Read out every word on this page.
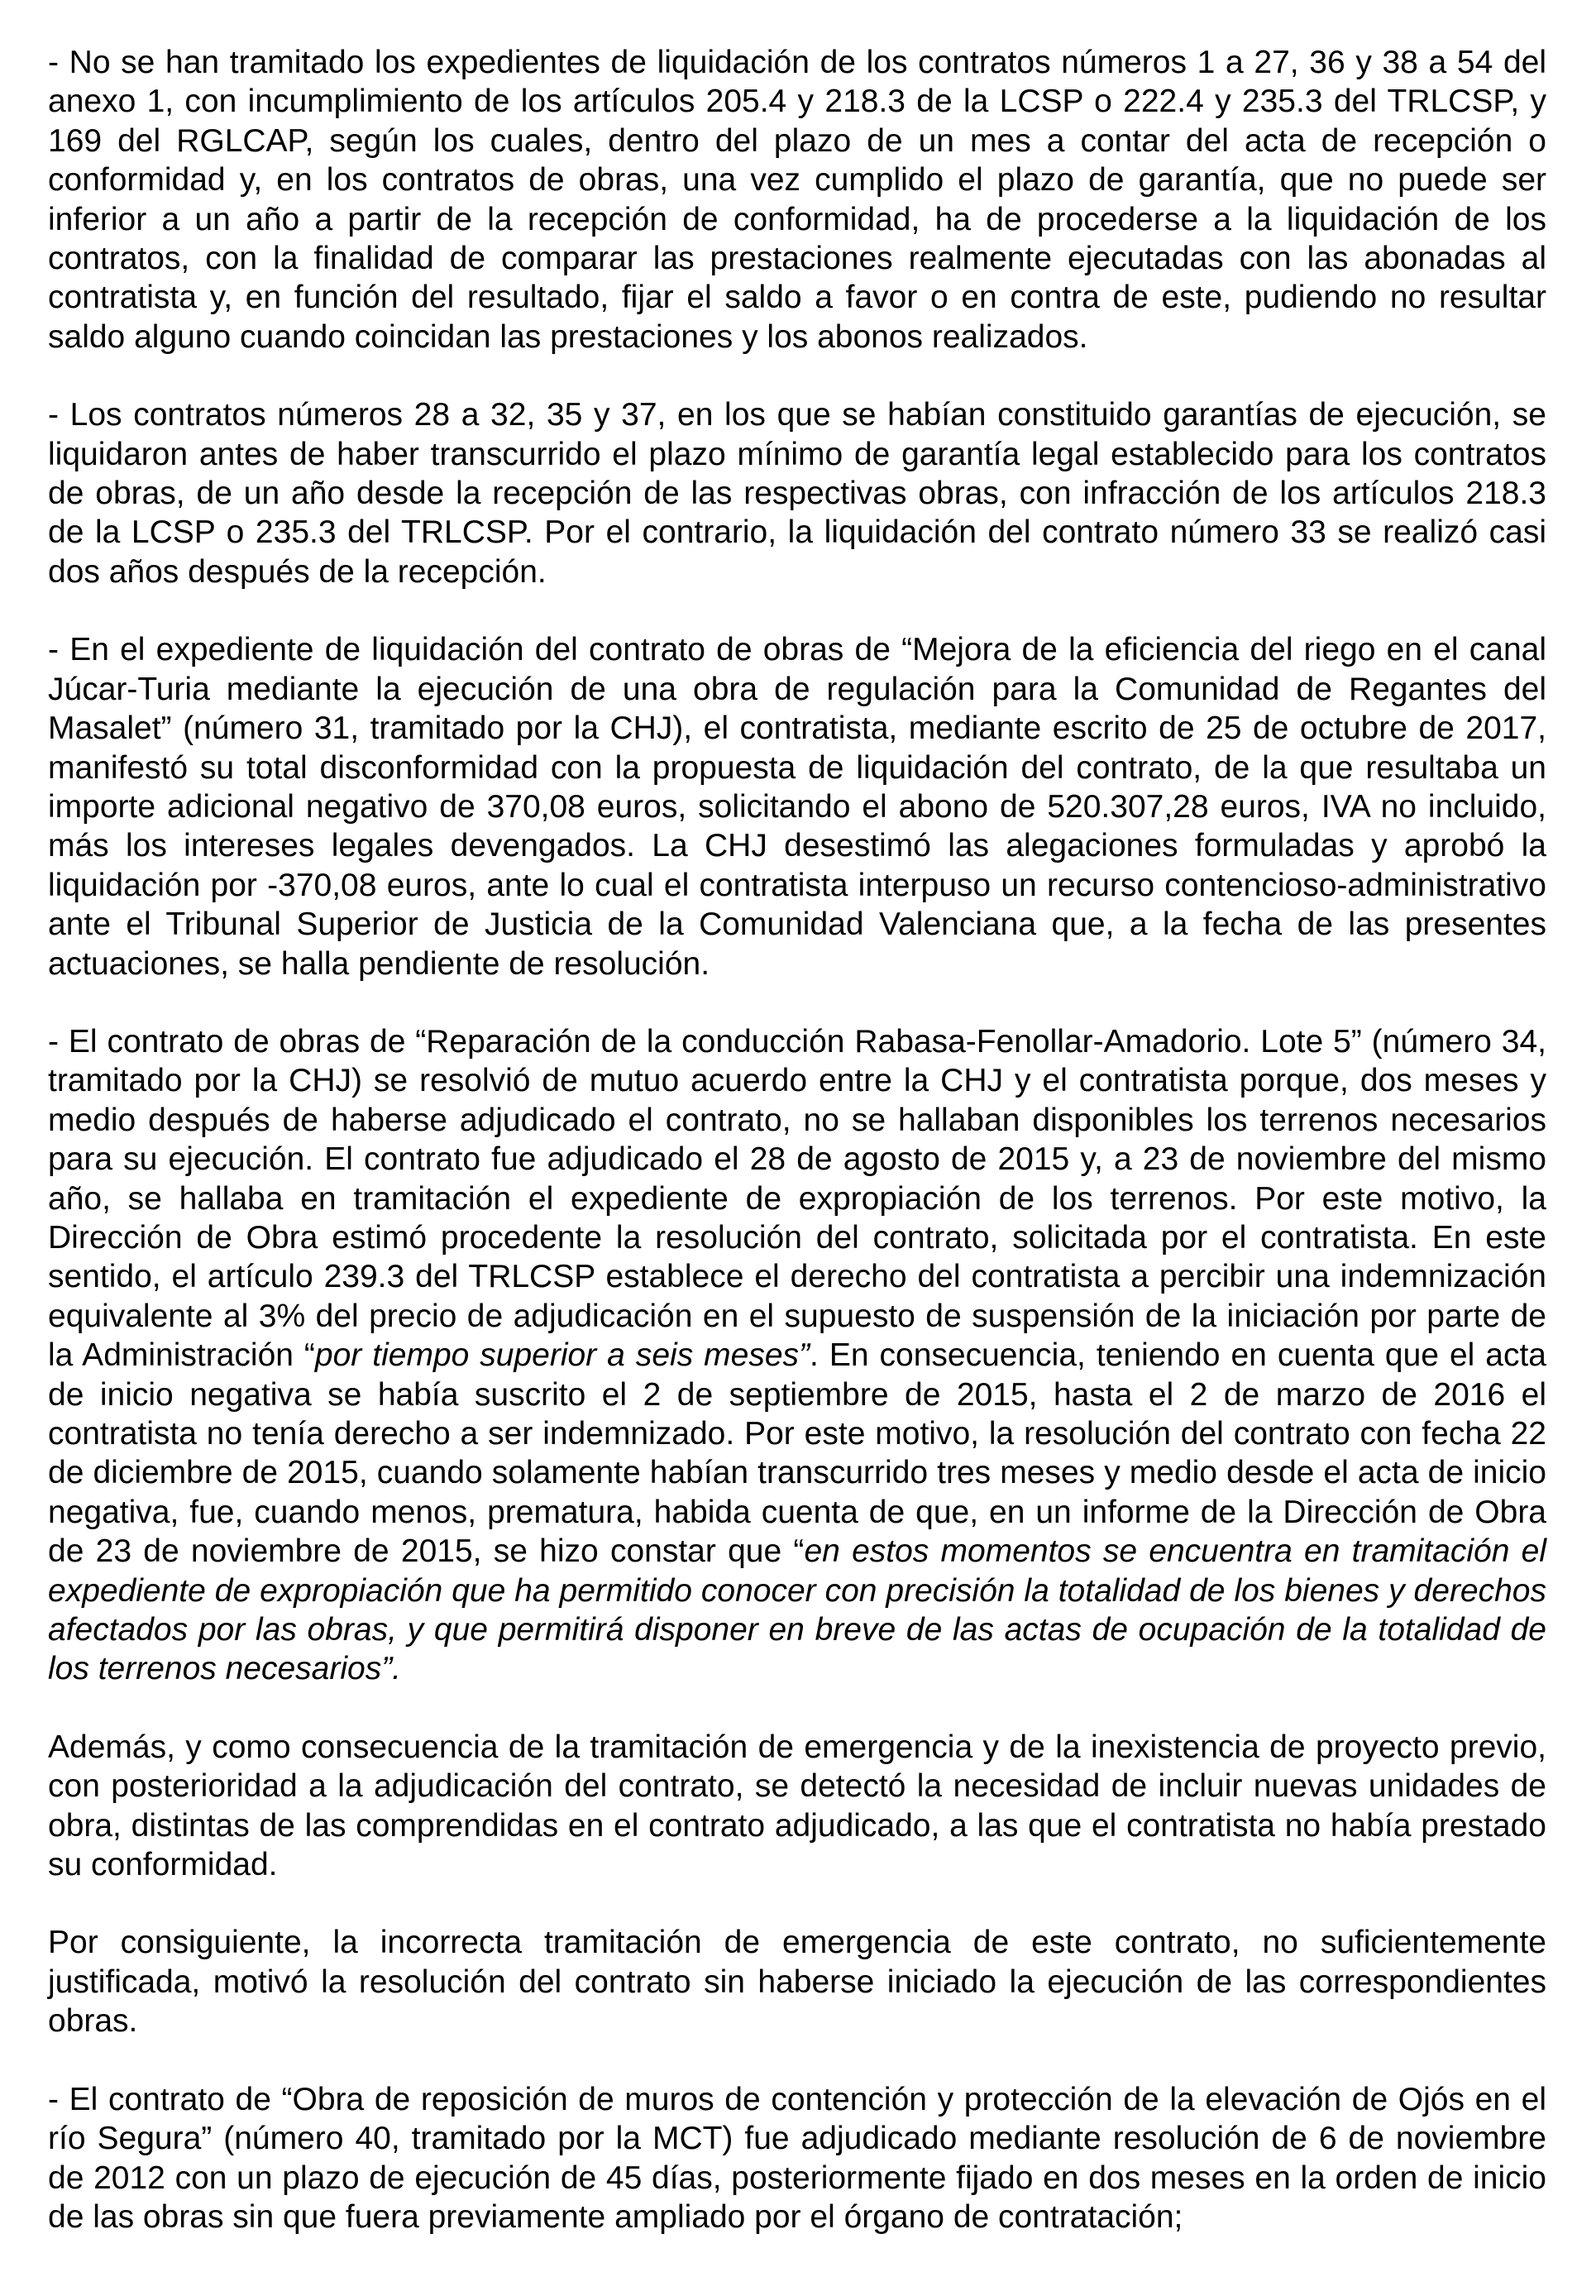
- No se han tramitado los expedientes de liquidación de los contratos números 1 a 27, 36 y 38 a 54 del anexo 1, con incumplimiento de los artículos 205.4 y 218.3 de la LCSP o 222.4 y 235.3 del TRLCSP, y 169 del RGLCAP, según los cuales, dentro del plazo de un mes a contar del acta de recepción o conformidad y, en los contratos de obras, una vez cumplido el plazo de garantía, que no puede ser inferior a un año a partir de la recepción de conformidad, ha de procederse a la liquidación de los contratos, con la finalidad de comparar las prestaciones realmente ejecutadas con las abonadas al contratista y, en función del resultado, fijar el saldo a favor o en contra de este, pudiendo no resultar saldo alguno cuando coincidan las prestaciones y los abonos realizados.

- Los contratos números 28 a 32, 35 y 37, en los que se habían constituido garantías de ejecución, se liquidaron antes de haber transcurrido el plazo mínimo de garantía legal establecido para los contratos de obras, de un año desde la recepción de las respectivas obras, con infracción de los artículos 218.3 de la LCSP o 235.3 del TRLCSP. Por el contrario, la liquidación del contrato número 33 se realizó casi dos años después de la recepción.

- En el expediente de liquidación del contrato de obras de “Mejora de la eficiencia del riego en el canal Júcar-Turia mediante la ejecución de una obra de regulación para la Comunidad de Regantes del Masalet” (número 31, tramitado por la CHJ), el contratista, mediante escrito de 25 de octubre de 2017, manifestó su total disconformidad con la propuesta de liquidación del contrato, de la que resultaba un importe adicional negativo de 370,08 euros, solicitando el abono de 520.307,28 euros, IVA no incluido, más los intereses legales devengados. La CHJ desestimó las alegaciones formuladas y aprobó la liquidación por -370,08 euros, ante lo cual el contratista interpuso un recurso contencioso-administrativo ante el Tribunal Superior de Justicia de la Comunidad Valenciana que, a la fecha de las presentes actuaciones, se halla pendiente de resolución.

- El contrato de obras de “Reparación de la conducción Rabasa-Fenollar-Amadorio. Lote 5” (número 34, tramitado por la CHJ) se resolvió de mutuo acuerdo entre la CHJ y el contratista porque, dos meses y medio después de haberse adjudicado el contrato, no se hallaban disponibles los terrenos necesarios para su ejecución. El contrato fue adjudicado el 28 de agosto de 2015 y, a 23 de noviembre del mismo año, se hallaba en tramitación el expediente de expropiación de los terrenos. Por este motivo, la Dirección de Obra estimó procedente la resolución del contrato, solicitada por el contratista. En este sentido, el artículo 239.3 del TRLCSP establece el derecho del contratista a percibir una indemnización equivalente al 3% del precio de adjudicación en el supuesto de suspensión de la iniciación por parte de la Administración “por tiempo superior a seis meses”. En consecuencia, teniendo en cuenta que el acta de inicio negativa se había suscrito el 2 de septiembre de 2015, hasta el 2 de marzo de 2016 el contratista no tenía derecho a ser indemnizado. Por este motivo, la resolución del contrato con fecha 22 de diciembre de 2015, cuando solamente habían transcurrido tres meses y medio desde el acta de inicio negativa, fue, cuando menos, prematura, habida cuenta de que, en un informe de la Dirección de Obra de 23 de noviembre de 2015, se hizo constar que “en estos momentos se encuentra en tramitación el expediente de expropiación que ha permitido conocer con precisión la totalidad de los bienes y derechos afectados por las obras, y que permitirá disponer en breve de las actas de ocupación de la totalidad de los terrenos necesarios”.

Además, y como consecuencia de la tramitación de emergencia y de la inexistencia de proyecto previo, con posterioridad a la adjudicación del contrato, se detectó la necesidad de incluir nuevas unidades de obra, distintas de las comprendidas en el contrato adjudicado, a las que el contratista no había prestado su conformidad.

Por consiguiente, la incorrecta tramitación de emergencia de este contrato, no suficientemente justificada, motivó la resolución del contrato sin haberse iniciado la ejecución de las correspondientes obras.

- El contrato de “Obra de reposición de muros de contención y protección de la elevación de Ojós en el río Segura” (número 40, tramitado por la MCT) fue adjudicado mediante resolución de 6 de noviembre de 2012 con un plazo de ejecución de 45 días, posteriormente fijado en dos meses en la orden de inicio de las obras sin que fuera previamente ampliado por el órgano de contratación;
